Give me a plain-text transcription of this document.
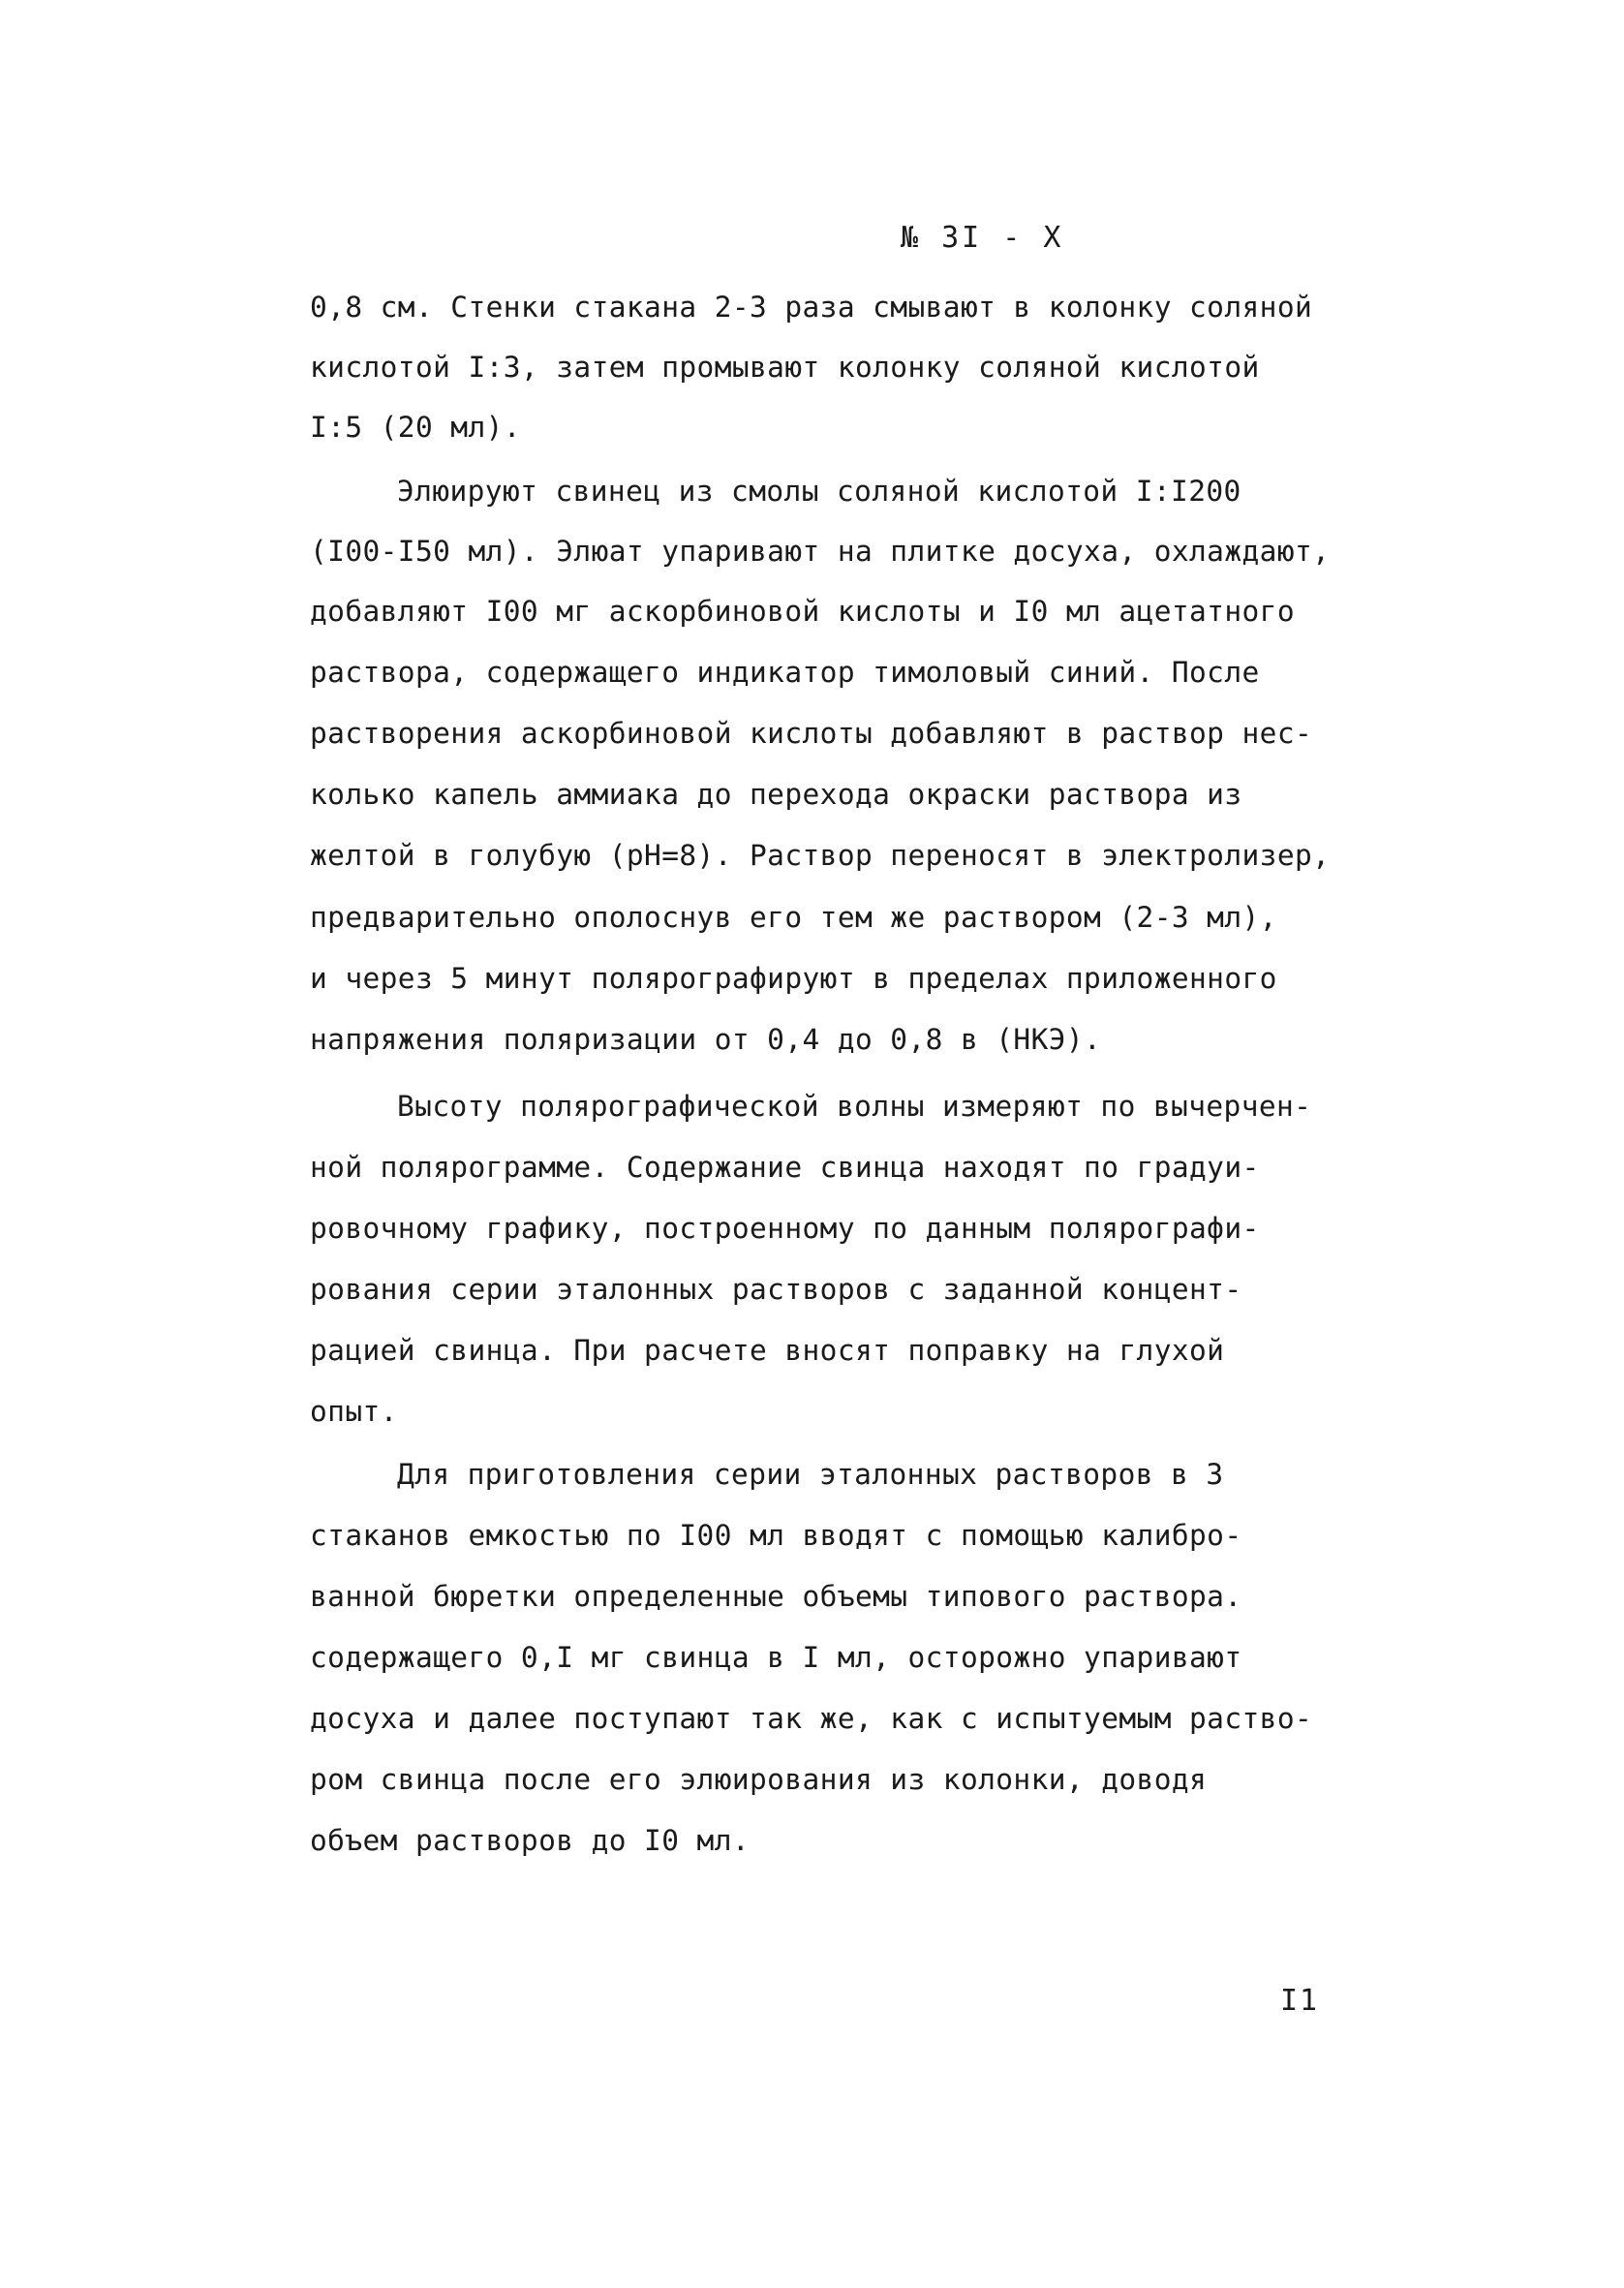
№ 3I - X
0,8 см. Стенки стакана 2-3 раза смывают в колонку соляной
кислотой I:3, затем промывают колонку соляной кислотой
I:5 (20 мл).
Элюируют свинец из смолы соляной кислотой I:I200
(I00-I50 мл). Элюат упаривают на плитке досуха, охлаждают,
добавляют I00 мг аскорбиновой кислоты и I0 мл ацетатного
раствора, содержащего индикатор тимоловый синий. После
растворения аскорбиновой кислоты добавляют в раствор нес-
колько капель аммиака до перехода окраски раствора из
желтой в голубую (pH=8). Раствор переносят в электролизер,
предварительно ополоснув его тем же раствором (2-3 мл),
и через 5 минут полярографируют в пределах приложенного
напряжения поляризации от 0,4 до 0,8 в (НКЭ).
Высоту полярографической волны измеряют по вычерчен-
ной полярограмме. Содержание свинца находят по градуи-
ровочному графику, построенному по данным полярографи-
рования серии эталонных растворов с заданной концент-
рацией свинца. При расчете вносят поправку на глухой
опыт.
Для приготовления серии эталонных растворов в 3
стаканов емкостью по I00 мл вводят с помощью калибро-
ванной бюретки определенные объемы типового раствора.
содержащего 0,I мг свинца в I мл, осторожно упаривают
досуха и далее поступают так же, как с испытуемым раство-
ром свинца после его элюирования из колонки, доводя
объем растворов до I0 мл.
I1
